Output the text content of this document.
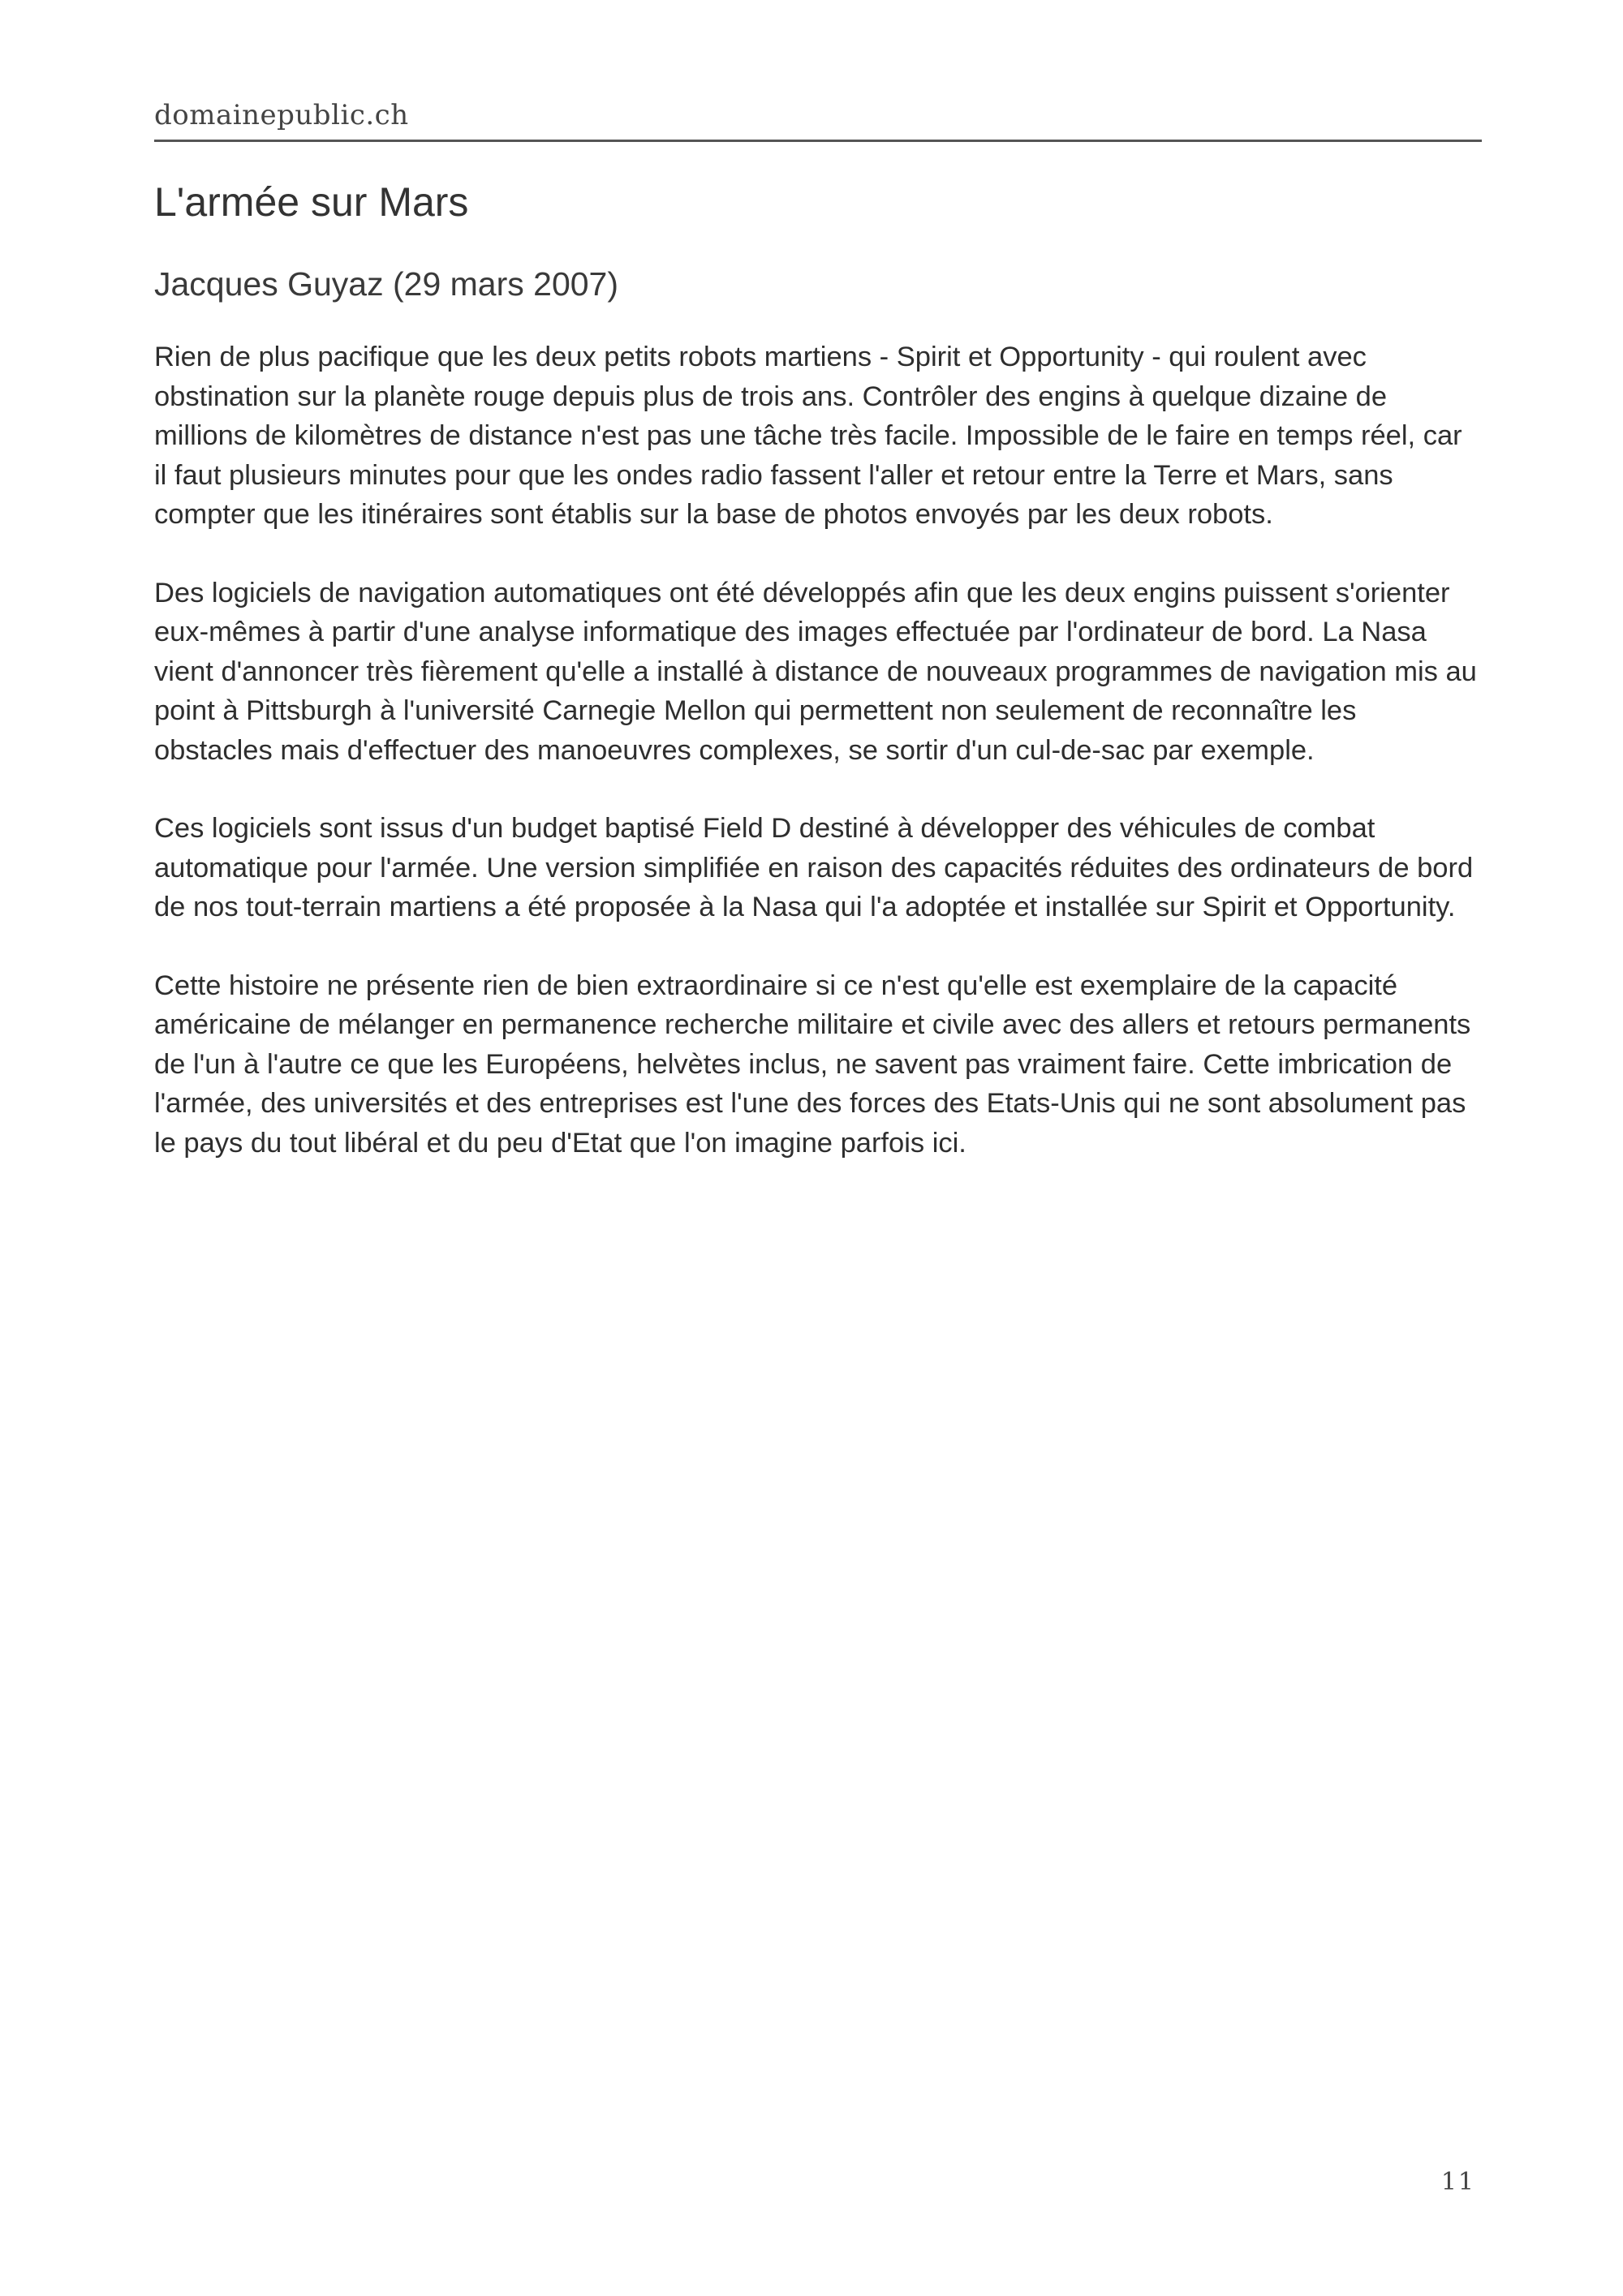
domainepublic.ch
L'armée sur Mars

Jacques Guyaz (29 mars 2007)

Rien de plus pacifique que les deux petits robots martiens - Spirit et Opportunity - qui roulent avec obstination sur la planète rouge depuis plus de trois ans. Contrôler des engins à quelque dizaine de millions de kilomètres de distance n'est pas une tâche très facile. Impossible de le faire en temps réel, car il faut plusieurs minutes pour que les ondes radio fassent l'aller et retour entre la Terre et Mars, sans compter que les itinéraires sont établis sur la base de photos envoyés par les deux robots.

Des logiciels de navigation automatiques ont été développés afin que les deux engins puissent s'orienter eux-mêmes à partir d'une analyse informatique des images effectuée par l'ordinateur de bord. La Nasa vient d'annoncer très fièrement qu'elle a installé à distance de nouveaux programmes de navigation mis au point à Pittsburgh à l'université Carnegie Mellon qui permettent non seulement de reconnaître les obstacles mais d'effectuer des manoeuvres complexes, se sortir d'un cul-de-sac par exemple.

Ces logiciels sont issus d'un budget baptisé Field D destiné à développer des véhicules de combat automatique pour l'armée. Une version simplifiée en raison des capacités réduites des ordinateurs de bord de nos tout-terrain martiens a été proposée à la Nasa qui l'a adoptée et installée sur Spirit et Opportunity.

Cette histoire ne présente rien de bien extraordinaire si ce n'est qu'elle est exemplaire de la capacité américaine de mélanger en permanence recherche militaire et civile avec des allers et retours permanents de l'un à l'autre ce que les Européens, helvètes inclus, ne savent pas vraiment faire. Cette imbrication de l'armée, des universités et des entreprises est l'une des forces des Etats-Unis qui ne sont absolument pas le pays du tout libéral et du peu d'Etat que l'on imagine parfois ici.

11
